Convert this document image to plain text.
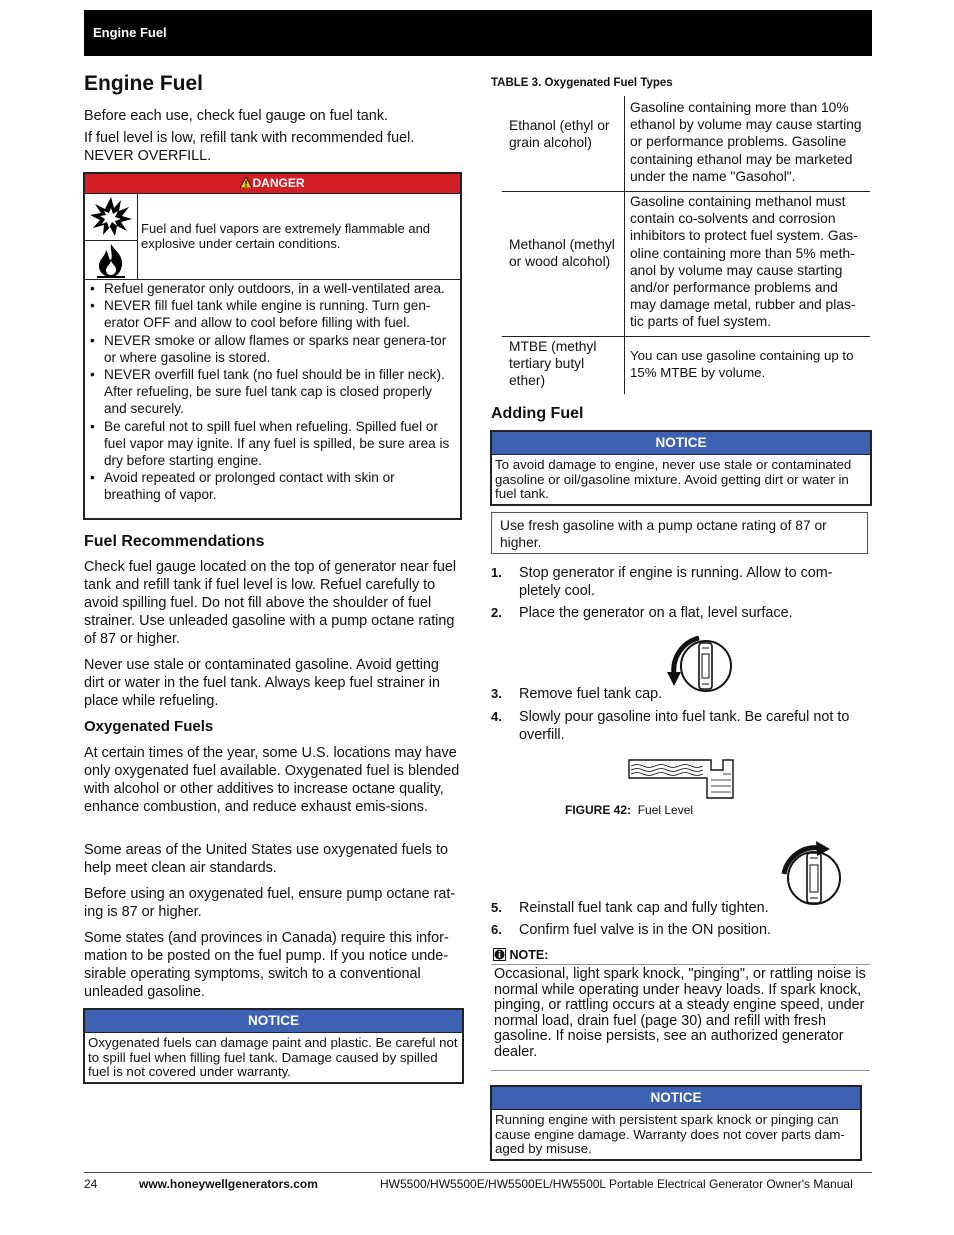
Engine Fuel
Engine Fuel

Before each use, check fuel gauge on fuel tank.

If fuel level is low, refill tank with recommended fuel. NEVER OVERFILL.

DANGER
Fuel and fuel vapors are extremely flammable and explosive under certain conditions.
• Refuel generator only outdoors, in a well-ventilated area.
• NEVER fill fuel tank while engine is running. Turn gen-erator OFF and allow to cool before filling with fuel.
• NEVER smoke or allow flames or sparks near genera-tor or where gasoline is stored.
• NEVER overfill fuel tank (no fuel should be in filler neck). After refueling, be sure fuel tank cap is closed properly and securely.
• Be careful not to spill fuel when refueling. Spilled fuel or fuel vapor may ignite. If any fuel is spilled, be sure area is dry before starting engine.
• Avoid repeated or prolonged contact with skin or breathing of vapor.
Fuel Recommendations

Check fuel gauge located on the top of generator near fuel tank and refill tank if fuel level is low. Refuel carefully to avoid spilling fuel. Do not fill above the shoulder of fuel strainer. Use unleaded gasoline with a pump octane rating of 87 or higher.

Never use stale or contaminated gasoline. Avoid getting dirt or water in the fuel tank. Always keep fuel strainer in place while refueling.

Oxygenated Fuels

At certain times of the year, some U.S. locations may have only oxygenated fuel available. Oxygenated fuel is blended with alcohol or other additives to increase octane quality, enhance combustion, and reduce exhaust emis-sions.

Some areas of the United States use oxygenated fuels to help meet clean air standards.

Before using an oxygenated fuel, ensure pump octane rat-ing is 87 or higher.

Some states (and provinces in Canada) require this infor-mation to be posted on the fuel pump. If you notice unde-sirable operating symptoms, switch to a conventional unleaded gasoline.

NOTICE
Oxygenated fuels can damage paint and plastic. Be careful not to spill fuel when filling fuel tank. Damage caused by spilled fuel is not covered under warranty.
TABLE 3. Oxygenated Fuel Types
Ethanol (ethyl or grain alcohol)
Gasoline containing more than 10% ethanol by volume may cause starting or performance problems. Gasoline containing ethanol may be marketed under the name "Gasohol".
Methanol (methyl or wood alcohol)
Gasoline containing methanol must contain co-solvents and corrosion inhibitors to protect fuel system. Gas-oline containing more than 5% meth-anol by volume may cause starting and/or performance problems and may damage metal, rubber and plas-tic parts of fuel system.
MTBE (methyl tertiary butyl ether)
You can use gasoline containing up to 15% MTBE by volume.
Adding Fuel
NOTICE
To avoid damage to engine, never use stale or contaminated gasoline or oil/gasoline mixture. Avoid getting dirt or water in fuel tank.
Use fresh gasoline with a pump octane rating of 87 or higher.
1. Stop generator if engine is running. Allow to com-pletely cool.
2. Place the generator on a flat, level surface.
3. Remove fuel tank cap.
4. Slowly pour gasoline into fuel tank. Be careful not to overfill.
FIGURE 42: Fuel Level
5. Reinstall fuel tank cap and fully tighten.
6. Confirm fuel valve is in the ON position.
NOTE:
Occasional, light spark knock, "pinging", or rattling noise is normal while operating under heavy loads. If spark knock, pinging, or rattling occurs at a steady engine speed, under normal load, drain fuel (page 30) and refill with fresh gasoline. If noise persists, see an authorized generator dealer.
NOTICE
Running engine with persistent spark knock or pinging can cause engine damage. Warranty does not cover parts dam-aged by misuse.
24	www.honeywellgenerators.com	HW5500/HW5500E/HW5500EL/HW5500L Portable Electrical Generator Owner's Manual
